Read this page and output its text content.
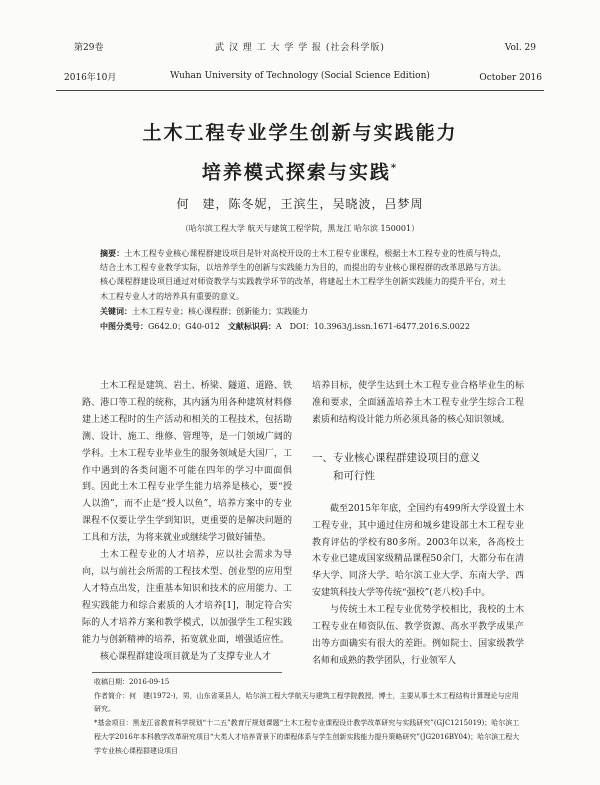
第29卷
2016年10月
武 汉 理 工 大 学 学 报 (社会科学版)
Wuhan University of Technology (Social Science Edition)
Vol. 29
October 2016
土木工程专业学生创新与实践能力
培养模式探索与实践*
何　建，陈冬妮，王滨生，吴晓波，吕梦周
（哈尔滨工程大学 航天与建筑工程学院，黑龙江 哈尔滨 150001）

摘要：土木工程专业核心课程群建设项目是针对高校开设的土木工程专业课程，根据土木工程专业的性质与特点，结合土木工程专业教学实际，以培养学生的创新与实践能力为目的，而提出的专业核心课程群的改革思路与方法。核心课程群建设项目通过对师资教学与实践教学环节的改革，将建起土木工程学生创新实践能力的提升平台，对土木工程专业人才的培养具有重要的意义。

关键词：土木工程专业；核心课程群；创新能力；实践能力

中图分类号：G642.0；G40-012　 文献标识码：A　 DOI：10.3963/j.issn.1671-6477.2016.S.0022

土木工程是建筑、岩土、桥梁、隧道、道路、铁路、港口等工程的统称，其内涵为用各种建筑材料修建上述工程时的生产活动和相关的工程技术，包括勘测、设计、施工、维修、管理等，是一门领域广阔的学科。土木工程专业毕业生的服务领域是大国厂，工作中遇到的各类问题不可能在四年的学习中面面俱到。因此土木工程专业学生能力培养是核心，要“授人以渔”，而不止是“授人以鱼”，培养方案中的专业课程不仅要让学生学到知识，更重要的是解决问题的工具和方法，为将来就业或继续学习做好铺垫。

土木工程专业的人才培养，应以社会需求为导向，以与前社会所需的工程技术型、创业型的应用型人才特点出发，注重基本知识和技术的应用能力、工程实践能力和综合素质的人才培养[1]，制定符合实际的人才培养方案和教学模式，以加强学生工程实践能力与创新精神的培养，拓宽就业面，增强适应性。

核心课程群建设项目就是为了支撑专业人才

培养目标，使学生达到土木工程专业合格毕业生的标准和要求，全面涵盖培养土木工程专业学生综合工程素质和结构设计能力所必须具备的核心知识领域。

一、专业核心课程群建设项目的意义
和可行性

截至2015年年底，全国约有499所大学设置土木工程专业，其中通过住房和城乡建设部土木工程专业教育评估的学校有80多所。2003年以来，各高校土木专业已建成国家级精品课程50余门，大都分布在清华大学、同济大学、哈尔滨工业大学、东南大学、西安建筑科技大学等传统“强校”(老八校)手中。

与传统土木工程专业优势学校相比，我校的土木工程专业在师资队伍、教学资源、高水平教学成果产出等方面确实有很大的差距。例如院士、国家级教学名师和成熟的教学团队，行业领军人

收稿日期：2016-09-15
作者简介：何　建(1972-)，男，山东省莱县人，哈尔滨工程大学航天与建筑工程学院教授，博士，主要从事土木工程结构计算理论与应用研究。
*基金项目：黑龙江省教育科学规划“十二五”教育厅规划课题“土木工程专业课程设计教学改革研究与实践研究”(GJC1215019)；哈尔滨工程大学2016年本科教学改革研究项目“大类人才培养背景下的课程体系与学生创新实践能力提升策略研究”(JG2016BY04)；哈尔滨工程大学专业核心课程群建设项目
